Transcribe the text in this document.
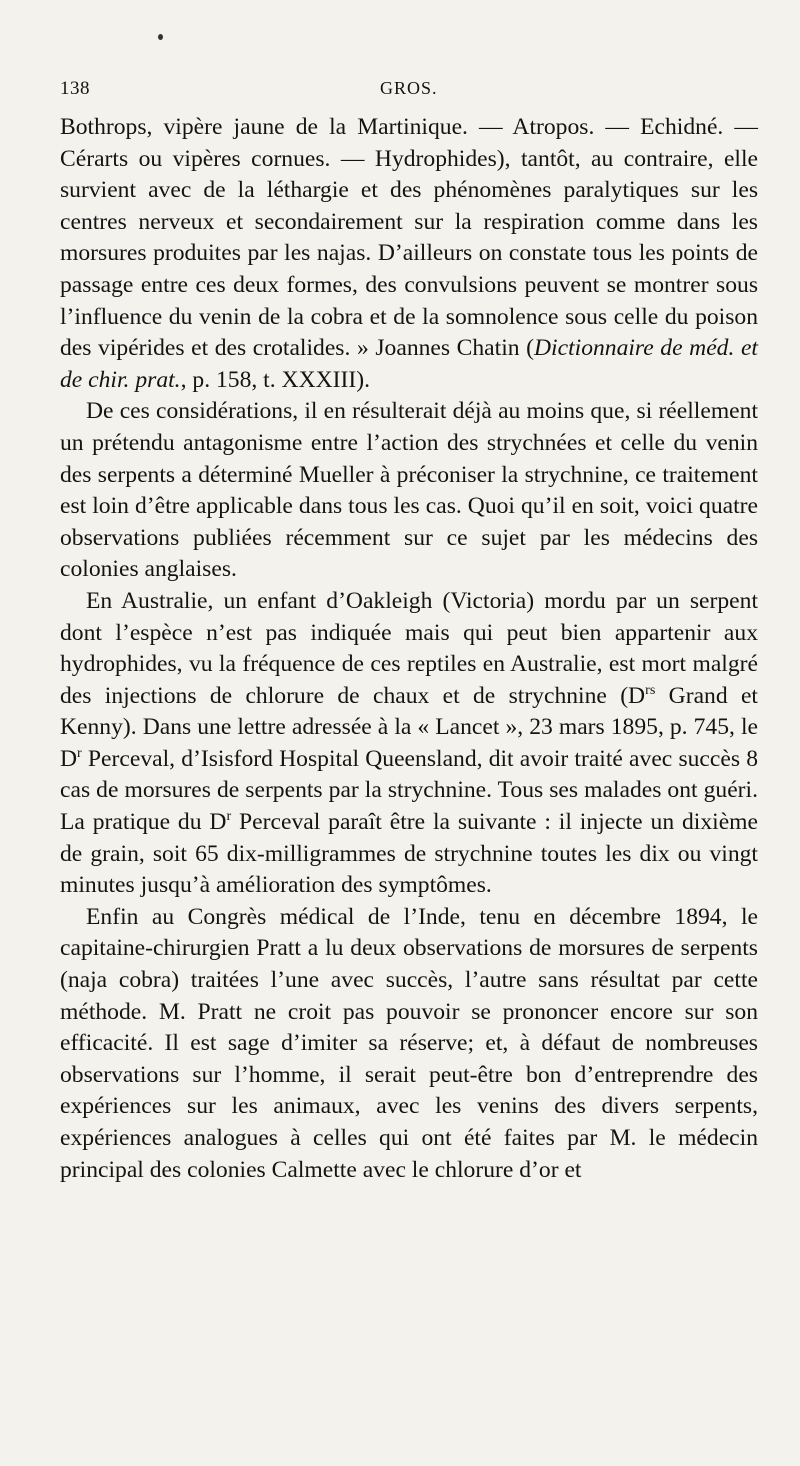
138	GROS.

Bothrops, vipère jaune de la Martinique. — Atropos. — Echidné. — Cérarts ou vipères cornues. — Hydrophides), tantôt, au contraire, elle survient avec de la léthargie et des phénomènes paralytiques sur les centres nerveux et secondairement sur la respiration comme dans les morsures produites par les najas. D’ailleurs on constate tous les points de passage entre ces deux formes, des convulsions peuvent se montrer sous l’influence du venin de la cobra et de la somnolence sous celle du poison des vipérides et des crotalides. » Joannes Chatin (Dictionnaire de méd. et de chir. prat., p. 158, t. XXXIII).

De ces considérations, il en résulterait déjà au moins que, si réellement un prétendu antagonisme entre l’action des strychnées et celle du venin des serpents a déterminé Mueller à préconiser la strychnine, ce traitement est loin d’être applicable dans tous les cas. Quoi qu’il en soit, voici quatre observations publiées récemment sur ce sujet par les médecins des colonies anglaises.

En Australie, un enfant d’Oakleigh (Victoria) mordu par un serpent dont l’espèce n’est pas indiquée mais qui peut bien appartenir aux hydrophides, vu la fréquence de ces reptiles en Australie, est mort malgré des injections de chlorure de chaux et de strychnine ($D^{rs}$ Grand et Kenny). Dans une lettre adressée à la « Lancet », 23 mars 1895, p. 745, le $D^r$ Perceval, d’Isisford Hospital Queensland, dit avoir traité avec succès 8 cas de morsures de serpents par la strychnine. Tous ses malades ont guéri. La pratique du $D^r$ Perceval paraît être la suivante : il injecte un dixième de grain, soit 65 dix-milligrammes de strychnine toutes les dix ou vingt minutes jusqu’à amélioration des symptômes.

Enfin au Congrès médical de l’Inde, tenu en décembre 1894, le capitaine-chirurgien Pratt a lu deux observations de morsures de serpents (naja cobra) traitées l’une avec succès, l’autre sans résultat par cette méthode. M. Pratt ne croit pas pouvoir se prononcer encore sur son efficacité. Il est sage d’imiter sa réserve; et, à défaut de nombreuses observations sur l’homme, il serait peut-être bon d’entreprendre des expériences sur les animaux, avec les venins des divers serpents, expériences analogues à celles qui ont été faites par M. le médecin principal des colonies Calmette avec le chlorure d’or et
